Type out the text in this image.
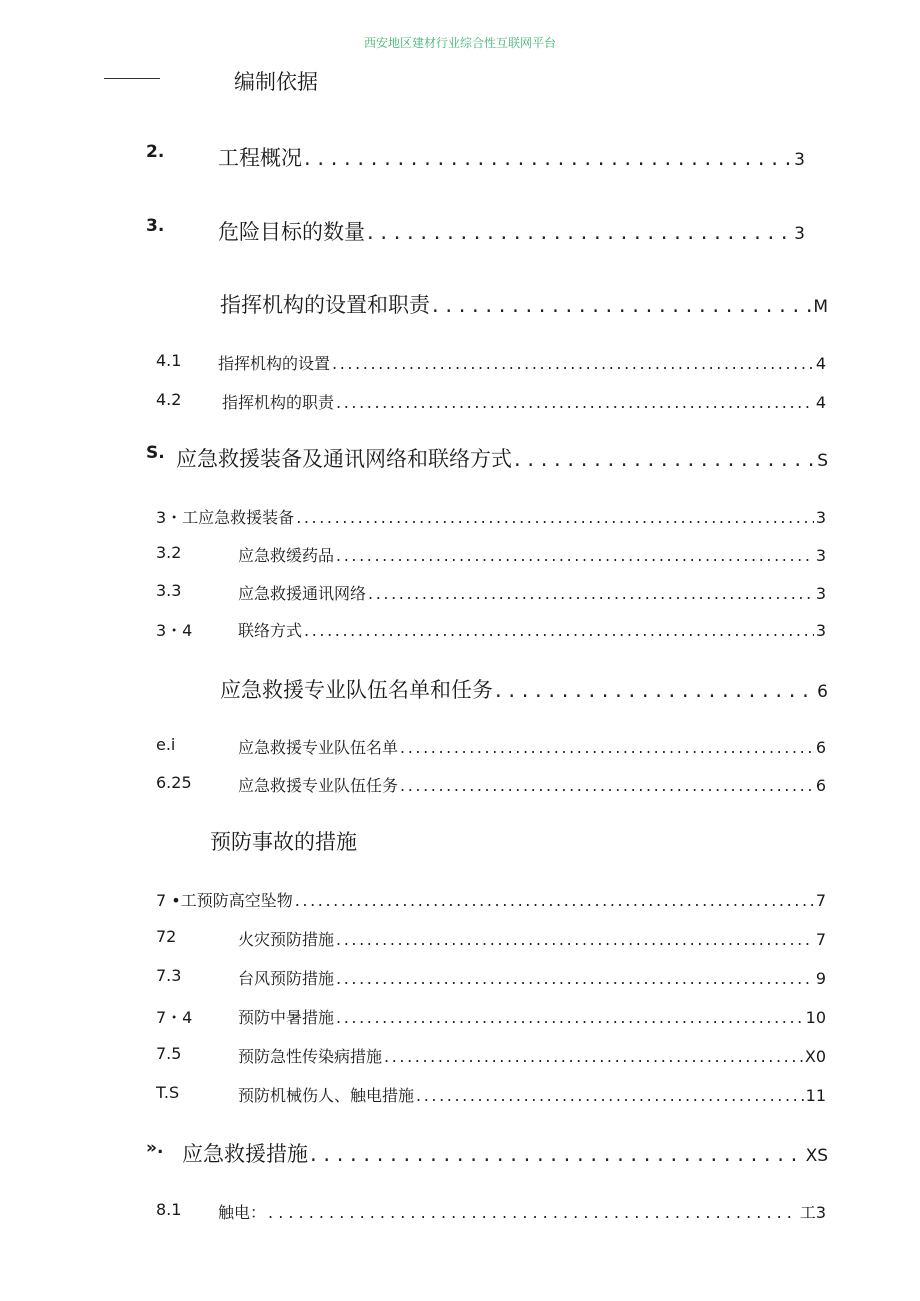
西安地区建材行业综合性互联网平台
编制依据
2.	工程概况 . . .	3
3.	危险目标的数量 . . .	3
指挥机构的设置和职责 . . .	M
4.1 指挥机构的设置 .....	4
4.2	指挥机构的职责 .....	4
S. 应急救援装备及通讯网络和联络方式 . . .	S
3・工应急救援装备 .....	3
3.2	应急救缓药品 .....	3
3.3	应急救援通讯网络 .....	3
3・4	联络方式 .....	3
应急救援专业队伍名单和任务 . . .	6
e.i	应急救援专业队伍名单 .....	6
6.25	应急救援专业队伍任务 .....	6
预防事故的措施
7 •工预防高空坠物 .....	7
72	火灾预防措施 .....	7
7.3	台风预防措施 .....	9
7・4	预防中暑措施 .....	10
7.5	预防急性传染病措施 .....	X0
T.S	预防机械伤人、触电措施 .....	11
». 应急救援措施 . . .	XS
8.1 触电： . . .	工3
